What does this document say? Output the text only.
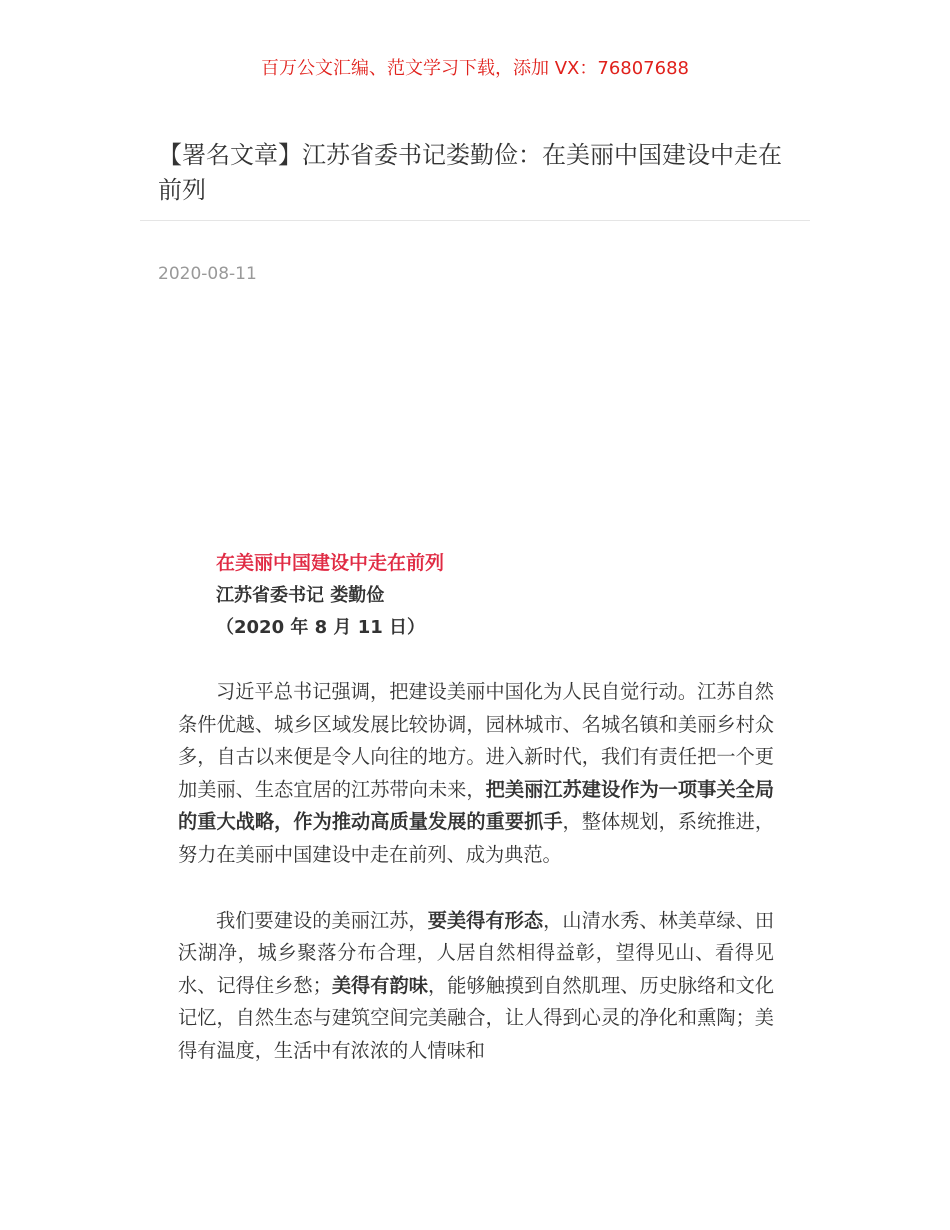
百万公文汇编、范文学习下载，添加 VX：76807688
【署名文章】江苏省委书记娄勤俭：在美丽中国建设中走在前列
2020-08-11

在美丽中国建设中走在前列

江苏省委书记 娄勤俭

（2020 年 8 月 11 日）

习近平总书记强调，把建设美丽中国化为人民自觉行动。江苏自然条件优越、城乡区域发展比较协调，园林城市、名城名镇和美丽乡村众多，自古以来便是令人向往的地方。进入新时代，我们有责任把一个更加美丽、生态宜居的江苏带向未来，把美丽江苏建设作为一项事关全局的重大战略，作为推动高质量发展的重要抓手，整体规划，系统推进，努力在美丽中国建设中走在前列、成为典范。

我们要建设的美丽江苏，要美得有形态，山清水秀、林美草绿、田沃湖净，城乡聚落分布合理，人居自然相得益彰，望得见山、看得见水、记得住乡愁；美得有韵味，能够触摸到自然肌理、历史脉络和文化记忆，自然生态与建筑空间完美融合，让人得到心灵的净化和熏陶；美得有温度，生活中有浓浓的人情味和
